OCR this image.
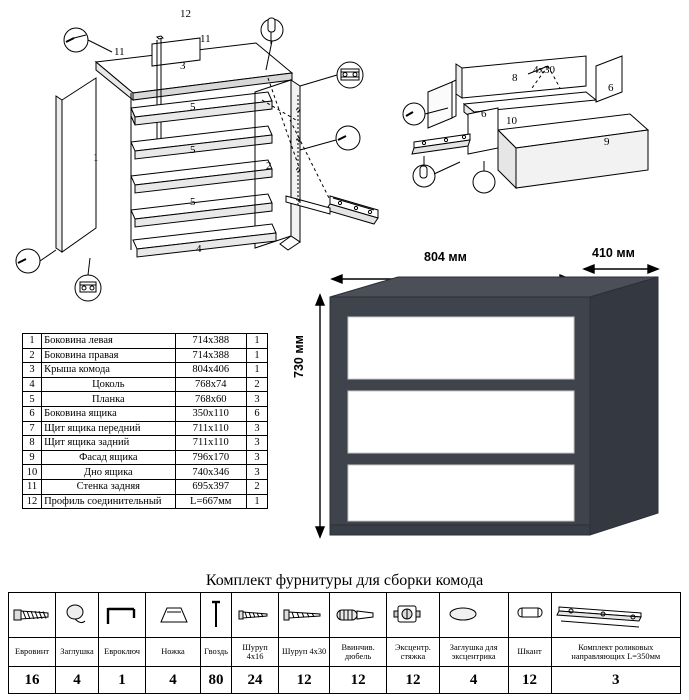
12
11
11
3
5
5
5
1
2
4
8
4х30
6
6
10
9
1	Боковина левая	714х388	1
2	Боковина правая	714х388	1
3	Крыша комода	804х406	1
4	Цоколь	768х74	2
5	Планка	768х60	3
6	Боковина ящика	350х110	6
7	Щит ящика передний	711х110	3
8	Щит ящика задний	711х110	3
9	Фасад ящика	796х170	3
10	Дно ящика	740х346	3
11	Стенка задняя	695х397	2
12	Профиль соединительный	L=667мм	1
804 мм	410 мм
730 мм
Комплект фурнитуры для сборки комода

Евровинт	Заглушка	Евроключ	Ножка	Гвоздь	Шуруп 4х16	Шуруп 4х30	Ввинчив. дюбель	Эксцентр. стяжка	Заглушка для эксцентрика	Шкант	Комплект роликовых направляющих L=350мм
16	4	1	4	80	24	12	12	12	4	12	3
